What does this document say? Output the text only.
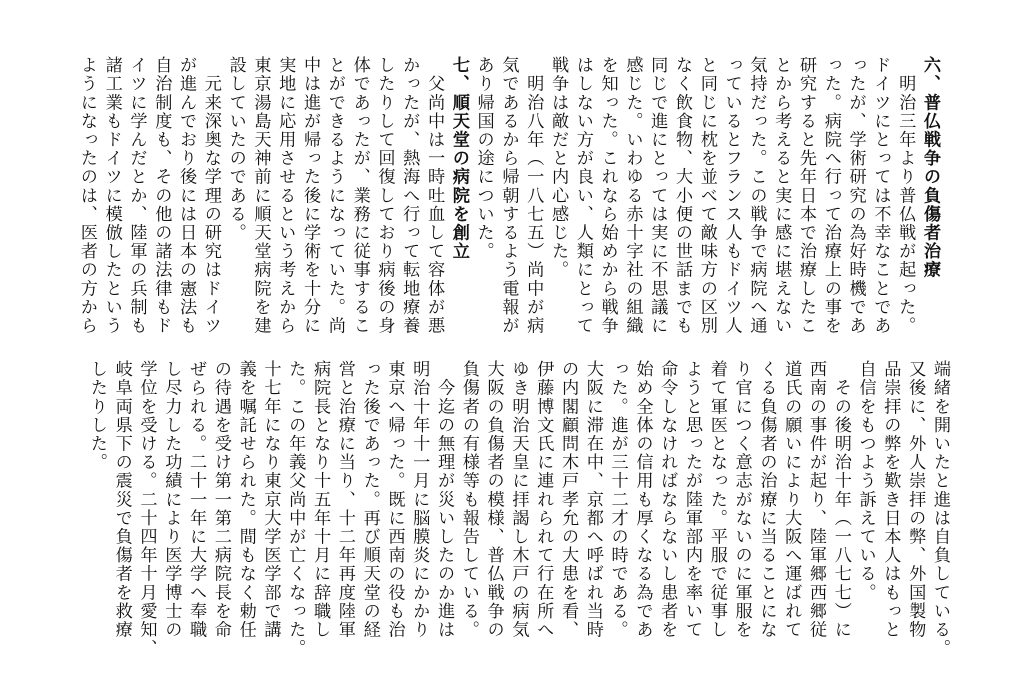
六、普仏戦争の負傷者治療
　明治三年より普仏戦が起った。
ドイツにとっては不幸なことであ
ったが、学術研究の為好時機であ
った。病院へ行って治療上の事を
研究すると先年日本で治療したこ
とから考えると実に感に堪えない
気持だった。この戦争で病院へ通
っているとフランス人もドイツ人
と同じに枕を並べて敵味方の区別
なく飲食物、大小便の世話までも
同じで進にとっては実に不思議に
感じた。いわゆる赤十字社の組織
を知った。これなら始めから戦争
はしない方が良い、人類にとって
戦争は敵だと内心感じた。
　明治八年（一八七五）尚中が病
気であるから帰朝するよう電報が
あり帰国の途についた。
七、順天堂の病院を創立
　父尚中は一時吐血して容体が悪
かったが、熱海へ行って転地療養
したりして回復しており病後の身
体であったが、業務に従事するこ
とができるようになっていた。尚
中は進が帰った後に学術を十分に
実地に応用させるという考えから
東京湯島天神前に順天堂病院を建
設していたのである。
　元来深奥な学理の研究はドイツ
が進んでおり後には日本の憲法も
自治制度も、その他の諸法律もド
イツに学んだとか、陸軍の兵制も
諸工業もドイツに模倣したという
ようになったのは、医者の方から
端緒を開いたと進は自負している。
又後に、外人崇拝の弊、外国製物
品崇拝の弊を歎き日本人はもっと
自信をもつよう訴えている。
　その後明治十年（一八七七）に
西南の事件が起り、陸軍郷西郷従
道氏の願いにより大阪へ運ばれて
くる負傷者の治療に当ることにな
り官につく意志がないのに軍服を
着て軍医となった。平服で従事し
ようと思ったが陸軍部内を率いて
命令しなければならないし患者を
始め全体の信用も厚くなる為であ
った。進が三十二才の時である。
大阪に滞在中、京都へ呼ばれ当時
の内閣顧問木戸孝允の大患を看、
伊藤博文氏に連れられて行在所へ
ゆき明治天皇に拝謁し木戸の病気
大阪の負傷者の模様、普仏戦争の
負傷者の有様等も報告している。
　今迄の無理が災いしたのか進は
明治十年十一月に脳膜炎にかかり
東京へ帰った。既に西南の役も治
った後であった。再び順天堂の経
営と治療に当り、十二年再度陸軍
病院長となり十五年十月に辞職し
た。この年義父尚中が亡くなった。
十七年になり東京大学医学部で講
義を嘱託せられた。間もなく勅任
の待遇を受け第一第二病院長を命
ぜられる。二十一年に大学へ奉職
し尽力した功績により医学博士の
学位を受ける。二十四年十月愛知、
岐阜両県下の震災で負傷者を救療
したりした。
